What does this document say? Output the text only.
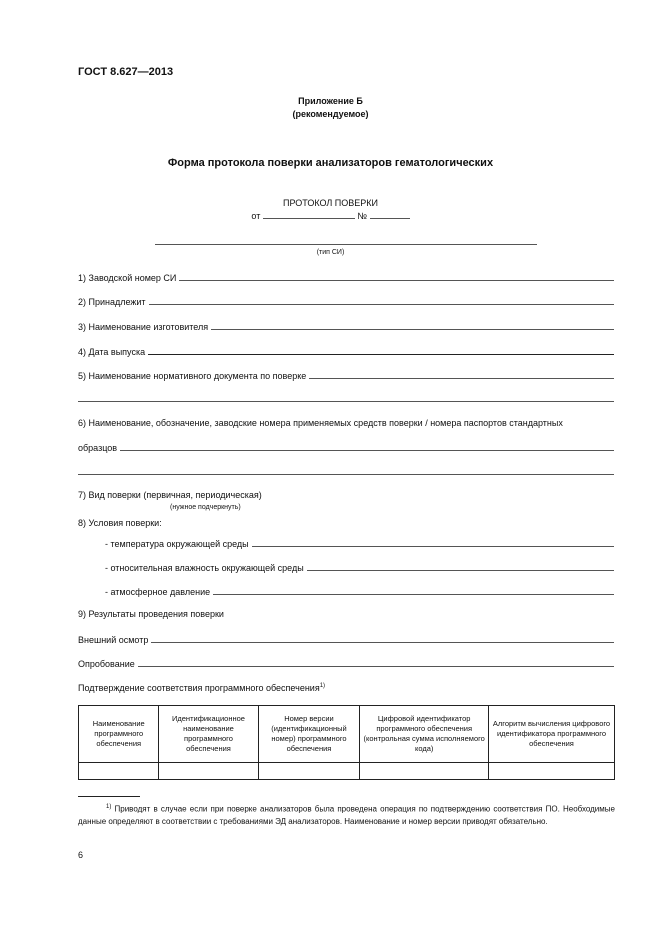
ГОСТ 8.627—2013
Приложение Б
(рекомендуемое)
Форма протокола поверки анализаторов гематологических
ПРОТОКОЛ ПОВЕРКИ
от	№
(тип СИ)
1) Заводской номер СИ
2) Принадлежит
3) Наименование изготовителя
4) Дата выпуска
5) Наименование нормативного документа по поверке
6) Наименование, обозначение, заводские номера применяемых средств поверки / номера паспортов стандартных
образцов
7) Вид поверки (первичная, периодическая)
(нужное подчеркнуть)
8) Условия поверки:
- температура окружающей среды
- относительная влажность окружающей среды
- атмосферное давление
9) Результаты проведения поверки
Внешний осмотр
Опробование
Подтверждение соответствия программного обеспечения$^{1)}$
Наименование программного обеспечения	Идентификационное наименование программного обеспечения	Номер версии (идентификационный номер) программного обеспечения	Цифровой идентификатор программного обеспечения (контрольная сумма исполняемого кода)	Алгоритм вычисления цифрового идентификатора программного обеспечения

$^{1)}$ Приводят в случае если при поверке анализаторов была проведена операция по подтверждению соответствия ПО. Необходимые данные определяют в соответствии с требованиями ЭД анализаторов. Наименование и номер версии приводят обязательно.
6
